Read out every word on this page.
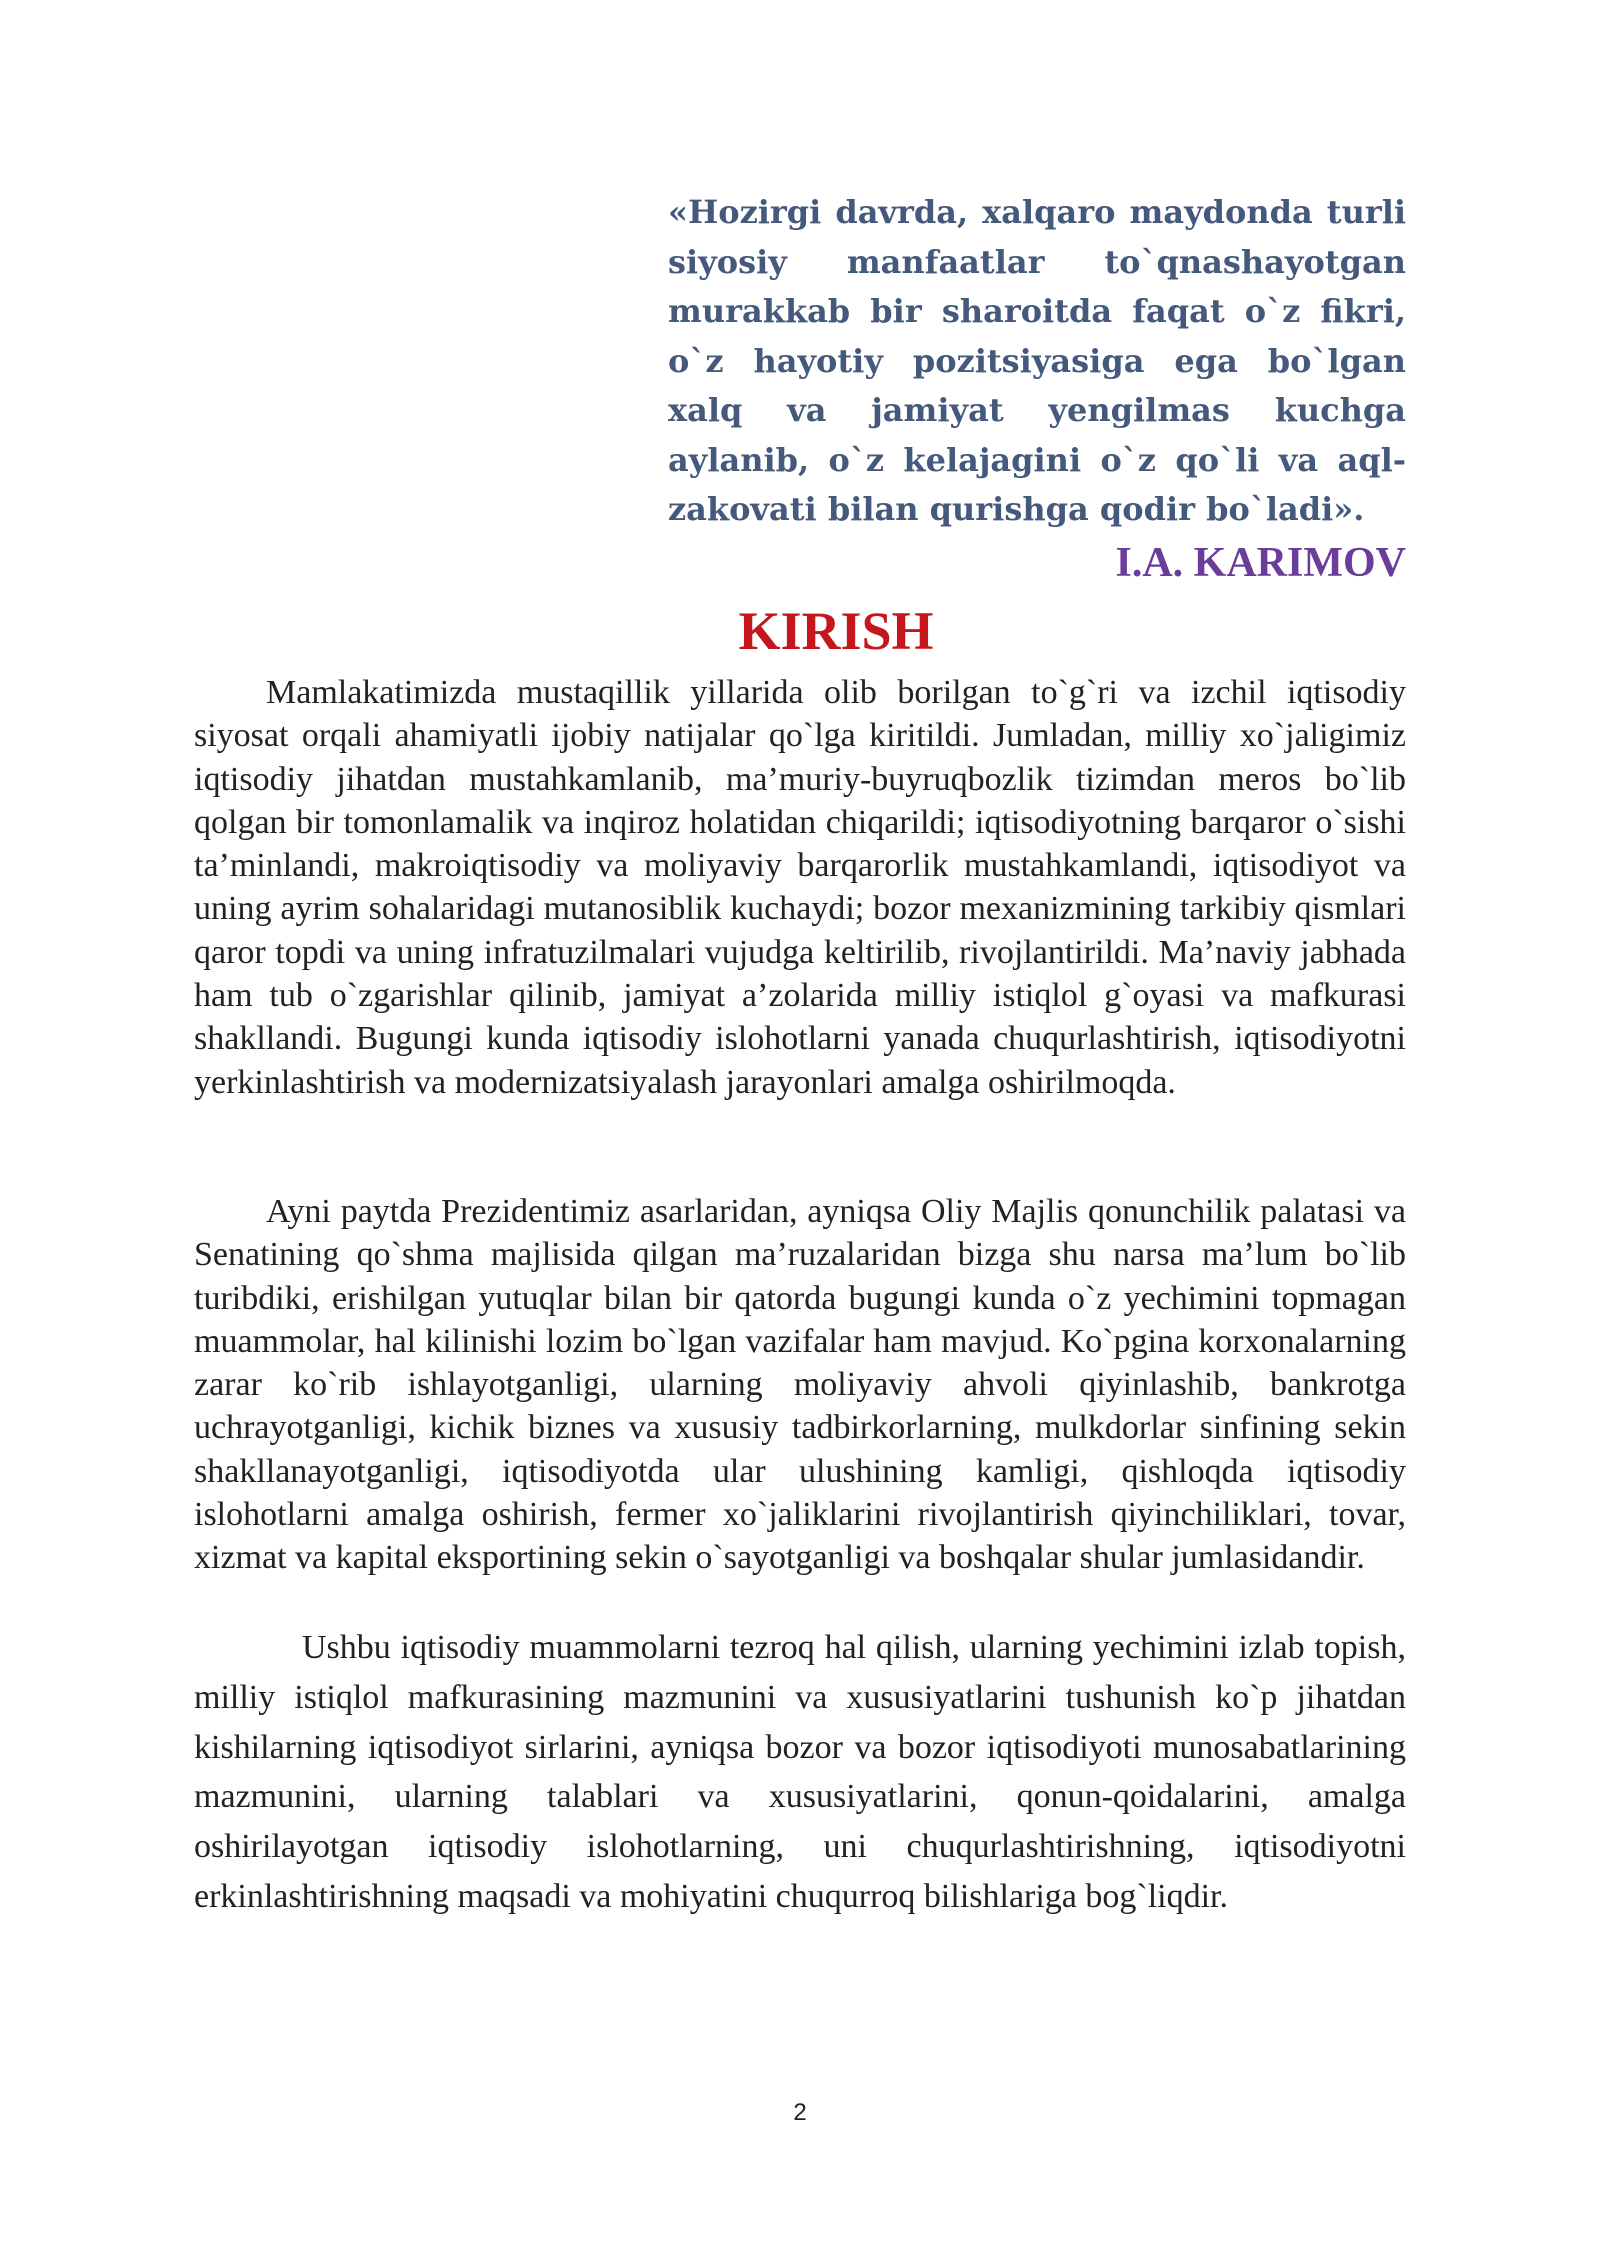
«Hozirgi davrda, xalqaro maydonda turli siyosiy manfaatlar to`qnashayotgan murakkab bir sharoitda faqat o`z fikri, o`z hayotiy pozitsiyasiga ega bo`lgan xalq va jamiyat yengilmas kuchga aylanib, o`z kelajagini o`z qo`li va aql-zakovati bilan qurishga qodir bo`ladi».

I.A. KARIMOV

KIRISH

Mamlakatimizda mustaqillik yillarida olib borilgan to`g`ri va izchil iqtisodiy siyosat orqali ahamiyatli ijobiy natijalar qo`lga kiritildi. Jumladan, milliy xo`jaligimiz iqtisodiy jihatdan mustahkamlanib, ma’muriy-buyruqbozlik tizimdan meros bo`lib qolgan bir tomonlamalik va inqiroz holatidan chiqarildi; iqtisodiyotning barqaror o`sishi ta’minlandi, makroiqtisodiy va moliyaviy barqarorlik mustahkamlandi, iqtisodiyot va uning ayrim sohalaridagi mutanosiblik kuchaydi; bozor mexanizmining tarkibiy qismlari qaror topdi va uning infratuzilmalari vujudga keltirilib, rivojlantirildi. Ma’naviy jabhada ham tub o`zgarishlar qilinib, jamiyat a’zolarida milliy istiqlol g`oyasi va mafkurasi shakllandi. Bugungi kunda iqtisodiy islohotlarni yanada chuqurlashtirish, iqtisodiyotni yerkinlashtirish va modernizatsiyalash jarayonlari amalga oshirilmoqda.

Ayni paytda Prezidentimiz asarlaridan, ayniqsa Oliy Majlis qonunchilik palatasi va Senatining qo`shma majlisida qilgan ma’ruzalaridan bizga shu narsa ma’lum bo`lib turibdiki, erishilgan yutuqlar bilan bir qatorda bugungi kunda o`z yechimini topmagan muammolar, hal kilinishi lozim bo`lgan vazifalar ham mavjud. Ko`pgina korxonalarning zarar ko`rib ishlayotganligi, ularning moliyaviy ahvoli qiyinlashib, bankrotga uchrayotganligi, kichik biznes va xususiy tadbirkorlarning, mulkdorlar sinfining sekin shakllanayotganligi, iqtisodiyotda ular ulushining kamligi, qishloqda iqtisodiy islohotlarni amalga oshirish, fermer xo`jaliklarini rivojlantirish qiyinchiliklari, tovar, xizmat va kapital eksportining sekin o`sayotganligi va boshqalar shular jumlasidandir.

Ushbu iqtisodiy muammolarni tezroq hal qilish, ularning yechimini izlab topish, milliy istiqlol mafkurasining mazmunini va xususiyatlarini tushunish ko`p jihatdan kishilarning iqtisodiyot sirlarini, ayniqsa bozor va bozor iqtisodiyoti munosabatlarining mazmunini, ularning talablari va xususiyatlarini, qonun-qoidalarini, amalga oshirilayotgan iqtisodiy islohotlarning, uni chuqurlashtirishning, iqtisodiyotni erkinlashtirishning maqsadi va mohiyatini chuqurroq bilishlariga bog`liqdir.

2
